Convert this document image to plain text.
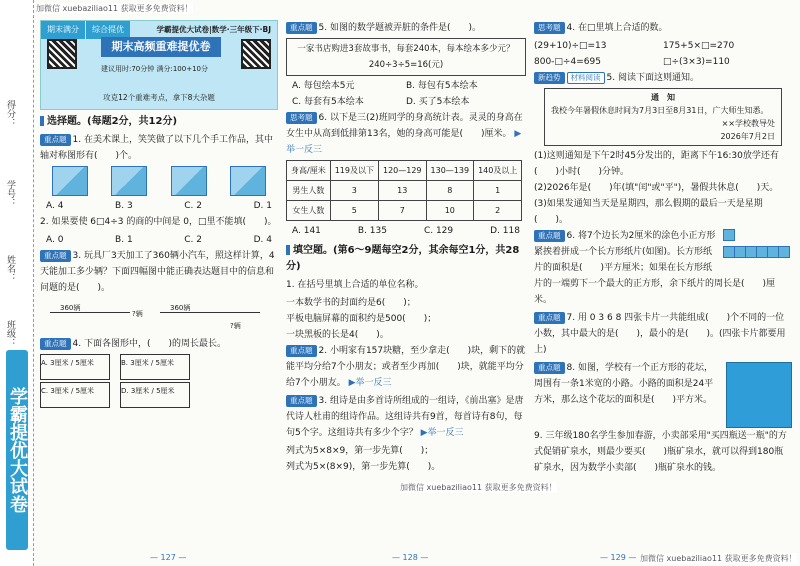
加微信 xuebaziliao11 获取更多免费资料！
得分：
学号：
姓名：
班级：
学霸提优大试卷
期末满分	综合提优	学霸提优大试卷|数学·三年级下·BJ
期末高频重难提优卷
建议用时:70分钟 满分:100+10分
攻克12个重难考点，拿下8大杂题
选择题。(每题2分，共12分)
重点题 1. 在美术课上，笑笑做了以下几个手工作品，其中轴对称图形有(　　)个。
A. 4	B. 3	C. 2	D. 1
2. 如果要使 6□4÷3 的商的中间是 0，□里不能填(　　)。
A. 0	B. 1	C. 2	D. 4
重点题 3. 玩具厂3天加工了360辆小汽车，照这样计算，4天能加工多少辆？下面四幅图中能正确表达题目中的信息和问题的是(　　)。
360辆
?辆
360辆
?辆
重点题 4. 下面各图形中，(　　)的周长最长。
A. 3厘米 / 5厘米	B. 3厘米 / 5厘米 C. 3厘米 / 5厘米	D. 3厘米 / 5厘米
重点题 5. 如图的数学题被弄脏的条件是(　　)。
一家书店购进3套故事书，每套240本，每本绘本多少元？
240÷3÷5=16(元)
A. 每包绘本5元	B. 每包有5本绘本
C. 每套有5本绘本	D. 买了5本绘本
思考题 6. 以下是三(2)班同学的身高统计表。灵灵的身高在女生中从高到低排第13名，她的身高可能是(　　)厘米。 ▶举一反三
身高/厘米	119及以下	120—129	130—139	140及以上
男生人数	3	13	8	1
女生人数	5	7	10	2
A. 141	B. 135	C. 129	D. 118
填空题。(第6～9题每空2分，其余每空1分，共28分)
1. 在括号里填上合适的单位名称。
一本数学书的封面约是6(　　)；
平板电脑屏幕的面积约是500(　　)；
一块黑板的长是4(　　)。
重点题 2. 小明家有157块糖，至少拿走(　　)块，剩下的就能平均分给7个小朋友；或者至少再加(　　)块，就能平均分给7个小朋友。 ▶举一反三
重点题 3. 组诗是由多首诗所组成的一组诗，《前出塞》是唐代诗人杜甫的组诗作品。这组诗共有9首，每首诗有8句，每句5个字。这组诗共有多少个字？ ▶举一反三
列式为5×8×9，第一步先算(　　)；
列式为5×(8×9)，第一步先算(　　)。
加微信 xuebaziliao11 获取更多免费资料！
思考题 4. 在□里填上合适的数。
(29+10)÷□=13	175+5×□=270
800-□÷4=695	□÷(3×3)=110
新趋势 材料阅读 5. 阅读下面这则通知。
通　知
我校今年暑假休息时间为7月3日至8月31日，广大师生知悉。
××学校教导处
2026年7月2日
(1)这则通知是下午2时45分发出的，距离下午16:30放学还有(　　)小时(　　)分钟。
(2)2026年是(　　)年(填"闰"或"平")，暑假共休息(　　)天。
(3)如果发通知当天是星期四，那么假期的最后一天是星期(　　)。
重点题 6. 将7个边长为2厘米的涂色小正方形紧挨着拼成一个长方形纸片(如图)。长方形纸片的面积是(　　)平方厘米；如果在长方形纸片的一端剪下一个最大的正方形，余下纸片的周长是(　　)厘米。
重点题 7. 用 0 3 6 8 四张卡片一共能组成(　　)个不同的一位小数，其中最大的是(　　)，最小的是(　　)。(四张卡片都要用上)
重点题 8. 如图，学校有一个正方形的花坛，周围有一条1米宽的小路。小路的面积是24平方米，那么这个花坛的面积是(　　)平方米。
9. 三年级180名学生参加春游，小卖部采用"买四瓶送一瓶"的方式促销矿泉水，则最少要买(　　)瓶矿泉水，就可以得到180瓶矿泉水，因为数学小卖部(　　)瓶矿泉水的钱。
加微信 xuebaziliao11 获取更多免费资料！
— 127 —	— 128 —	— 129 —
